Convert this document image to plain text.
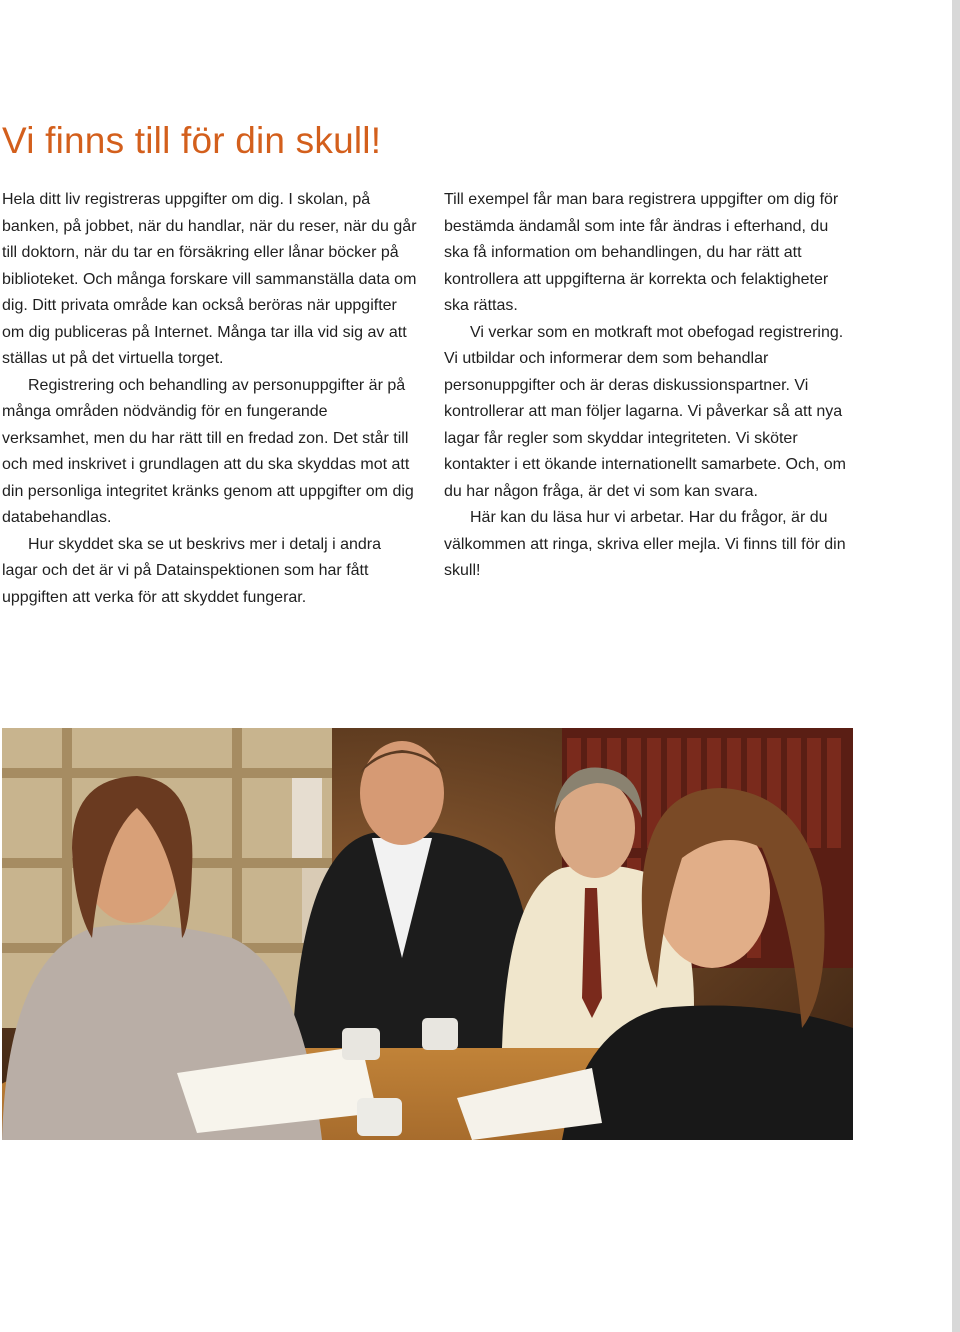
Vi finns till för din skull!

Hela ditt liv registreras uppgifter om dig. I skolan, på banken, på jobbet, när du handlar, när du reser, när du går till doktorn, när du tar en försäkring eller lånar böcker på biblioteket. Och många forskare vill sammanställa data om dig. Ditt privata område kan också beröras när uppgifter om dig publiceras på Internet. Många tar illa vid sig av att ställas ut på det virtuella torget.

Registrering och behandling av personuppgifter är på många områden nödvändig för en fungerande verksamhet, men du har rätt till en fredad zon. Det står till och med inskrivet i grundlagen att du ska skyddas mot att din personliga integritet kränks genom att uppgifter om dig databehandlas.

Hur skyddet ska se ut beskrivs mer i detalj i andra lagar och det är vi på Datainspektionen som har fått uppgiften att verka för att skyddet fungerar.

Till exempel får man bara registrera uppgifter om dig för bestämda ändamål som inte får ändras i efterhand, du ska få information om behandlingen, du har rätt att kontrollera att uppgifterna är korrekta och felaktigheter ska rättas.

Vi verkar som en motkraft mot obefogad registrering. Vi utbildar och informerar dem som behandlar personuppgifter och är deras diskussionspartner. Vi kontrollerar att man följer lagarna. Vi påverkar så att nya lagar får regler som skyddar integriteten. Vi sköter kontakter i ett ökande internationellt samarbete. Och, om du har någon fråga, är det vi som kan svara.

Här kan du läsa hur vi arbetar. Har du frågor, är du välkommen att ringa, skriva eller mejla. Vi finns till för din skull!
